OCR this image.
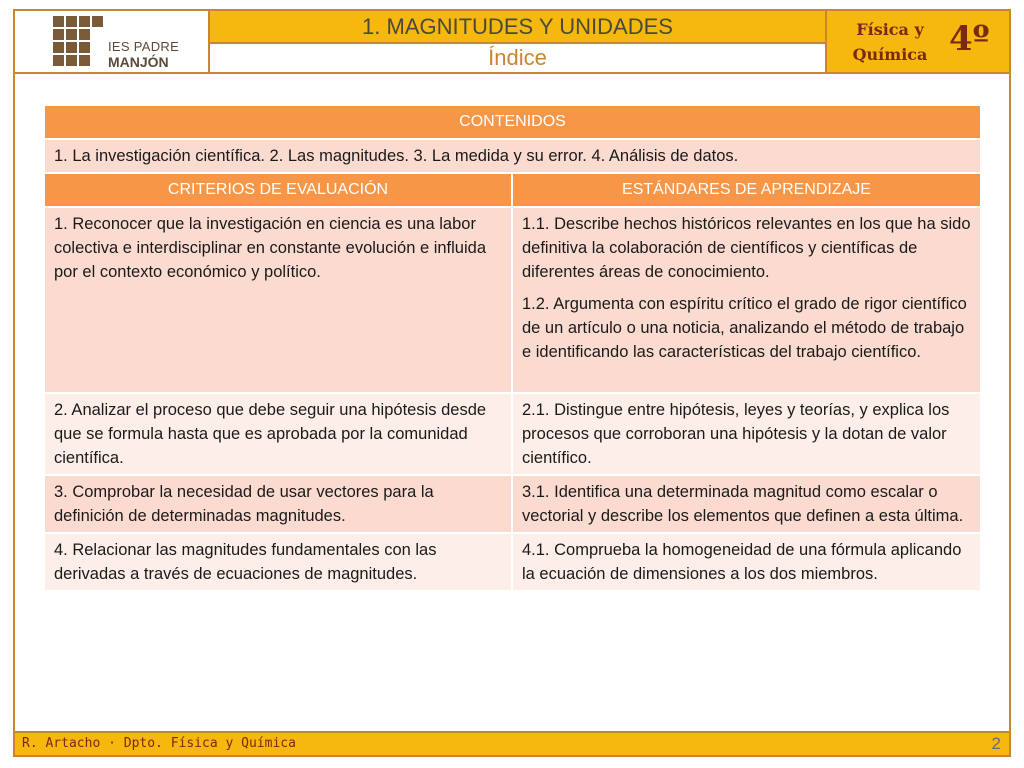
IES PADRE
MANJÓN
1. MAGNITUDES Y UNIDADES
Índice
Física y Química 4º
CONTENIDOS	
1. La investigación científica. 2. Las magnitudes. 3. La medida y su error. 4. Análisis de datos.	
CRITERIOS DE EVALUACIÓN	ESTÁNDARES DE APRENDIZAJE
1. Reconocer que la investigación en ciencia es una labor colectiva e interdisciplinar en constante evolución e influida por el contexto económico y político.	1.1. Describe hechos históricos relevantes en los que ha sido definitiva la colaboración de científicos y científicas de diferentes áreas de conocimiento.

1.2. Argumenta con espíritu crítico el grado de rigor científico de un artículo o una noticia, analizando el método de trabajo e identificando las características del trabajo científico.

2. Analizar el proceso que debe seguir una hipótesis desde que se formula hasta que es aprobada por la comunidad científica.	2.1. Distingue entre hipótesis, leyes y teorías, y explica los procesos que corroboran una hipótesis y la dotan de valor científico.

3. Comprobar la necesidad de usar vectores para la definición de determinadas magnitudes.	3.1. Identifica una determinada magnitud como escalar o vectorial y describe los elementos que definen a esta última.

4. Relacionar las magnitudes fundamentales con las derivadas a través de ecuaciones de magnitudes.	4.1. Comprueba la homogeneidad de una fórmula aplicando la ecuación de dimensiones a los dos miembros.

R. Artacho · Dpto. Física y Química	2
